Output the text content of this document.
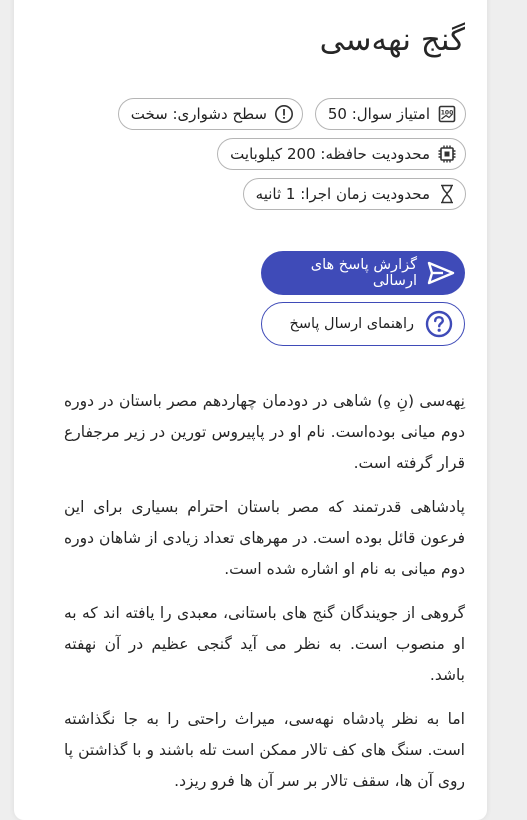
گنج نهه‌سی
100
امتیاز سوال: 50
سطح دشواری: سخت
محدودیت حافظه: 200 کیلوبایت
محدودیت زمان اجرا: 1 ثانیه
گزارش پاسخ های ارسالی
راهنمای ارسال پاسخ

نِهه‌سی (نِ هِ) شاهی در دودمان چهاردهم مصر باستان در دوره دوم میانی بوده‌است. نام او در پاپیروس تورین در زیر مرجفارع قرار گرفته است.

پادشاهی قدرتمند که مصر باستان احترام بسیاری برای این فرعون قائل بوده است. در مهرهای تعداد زیادی از شاهان دوره دوم میانی به نام او اشاره شده است.

گروهی از جویندگان گنج های باستانی، معبدی را یافته اند که به او منصوب است. به نظر می آید گنجی عظیم در آن نهفته باشد.

اما به نظر پادشاه نهه‌سی، میراث راحتی را به جا نگذاشته است. سنگ های کف تالار ممکن است تله باشند و با گذاشتن پا روی آن ها، سقف تالار بر سر آن ها فرو ریزد.
